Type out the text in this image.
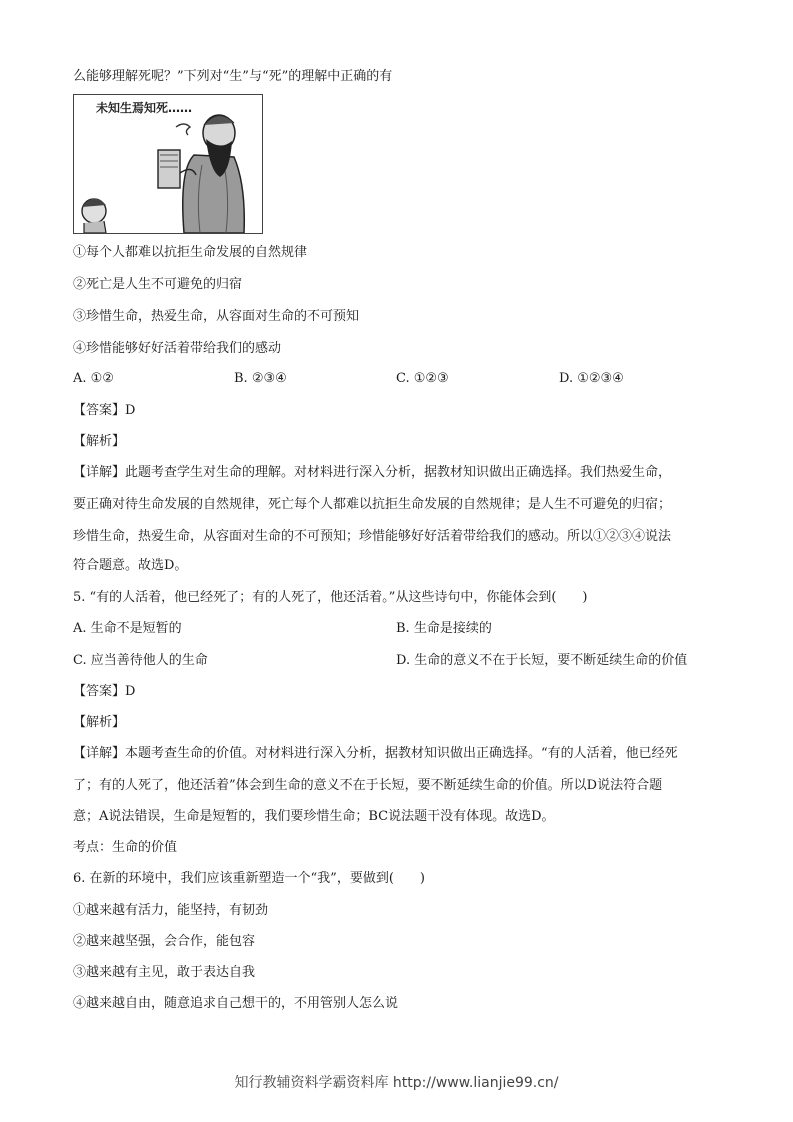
么能够理解死呢？”下列对“生”与“死”的理解中正确的有
未知生焉知死……
①每个人都难以抗拒生命发展的自然规律
②死亡是人生不可避免的归宿
③珍惜生命，热爱生命，从容面对生命的不可预知
④珍惜能够好好活着带给我们的感动
A. ①②	B. ②③④	C. ①②③	D. ①②③④
【答案】D
【解析】
【详解】此题考查学生对生命的理解。对材料进行深入分析，据教材知识做出正确选择。我们热爱生命，
要正确对待生命发展的自然规律，死亡每个人都难以抗拒生命发展的自然规律；是人生不可避免的归宿；
珍惜生命，热爱生命，从容面对生命的不可预知；珍惜能够好好活着带给我们的感动。所以①②③④说法
符合题意。故选D。
5. “有的人活着，他已经死了；有的人死了，他还活着。”从这些诗句中，你能体会到(　　)
A. 生命不是短暂的	B. 生命是接续的
C. 应当善待他人的生命	D. 生命的意义不在于长短，要不断延续生命的价值
【答案】D
【解析】
【详解】本题考查生命的价值。对材料进行深入分析，据教材知识做出正确选择。“有的人活着，他已经死
了；有的人死了，他还活着”体会到生命的意义不在于长短，要不断延续生命的价值。所以D说法符合题
意；A说法错误，生命是短暂的，我们要珍惜生命；BC说法题干没有体现。故选D。
考点：生命的价值
6. 在新的环境中，我们应该重新塑造一个“我”，要做到(　　)
①越来越有活力，能坚持，有韧劲
②越来越坚强，会合作，能包容
③越来越有主见，敢于表达自我
④越来越自由，随意追求自己想干的，不用管别人怎么说
知行教辅资料学霸资料库 http://www.lianjie99.cn/
